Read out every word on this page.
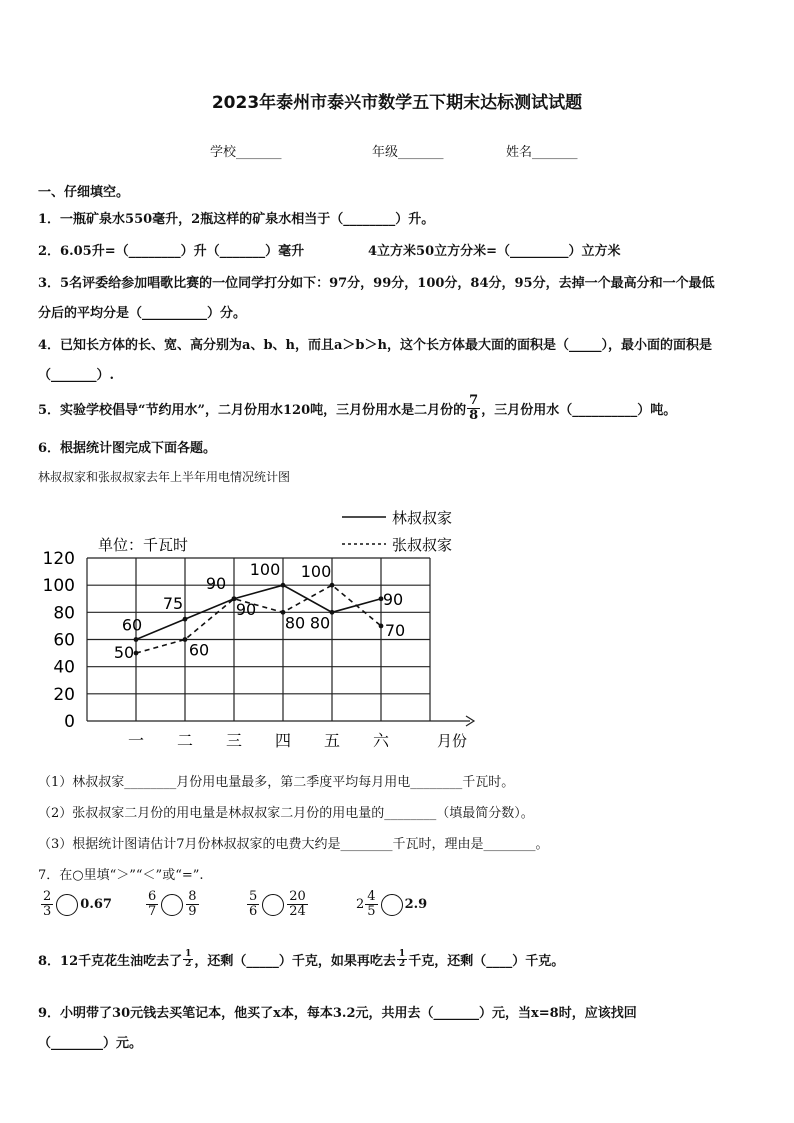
2023年泰州市泰兴市数学五下期末达标测试试题
学校_______	年级_______	姓名_______
一、仔细填空。
1．一瓶矿泉水550毫升，2瓶这样的矿泉水相当于（________）升。
2．6.05升=（________）升（_______）毫升	4立方米50立方分米=（_________）立方米
3．5名评委给参加唱歌比赛的一位同学打分如下：97分，99分，100分，84分，95分，去掉一个最高分和一个最低
分后的平均分是（__________）分。
4．已知长方体的长、宽、高分别为a、b、h，而且a＞b＞h，这个长方体最大面的面积是（_____），最小面的面积是
（_______）.
5．实验学校倡导“节约用水”，二月份用水120吨，三月份用水是二月份的 $\frac{7}{8}$ ，三月份用水（__________）吨。
6．根据统计图完成下面各题。
林叔叔家和张叔叔家去年上半年用电情况统计图
0
20
40
60
80
100
120
单位：千瓦时
一 二 三 四 五 六	月份
60
75
90
100
80
90
50	60
90
80
100
70
林叔叔家
张叔叔家
（1）林叔叔家________月份用电量最多，第二季度平均每月用电________千瓦时。
（2）张叔叔家二月份的用电量是林叔叔家二月份的用电量的________（填最简分数）。
（3）根据统计图请估计7月份林叔叔家的电费大约是________千瓦时，理由是________。
7．在○里填“＞”“＜”或“=”.
$\frac{2}{3} 0.67$	$\frac{6}{7} \frac{8}{9}$	$\frac{5}{6} \frac{20}{24}$	$2 \frac{4}{5} 2.9$
8．12千克花生油吃去了 $\frac{1}{2}$ ，还剩（_____）千克，如果再吃去 $\frac{1}{2}$ 千克，还剩（____）千克。
9．小明带了30元钱去买笔记本，他买了x本，每本3.2元，共用去（_______）元，当x=8时，应该找回
（________）元。
